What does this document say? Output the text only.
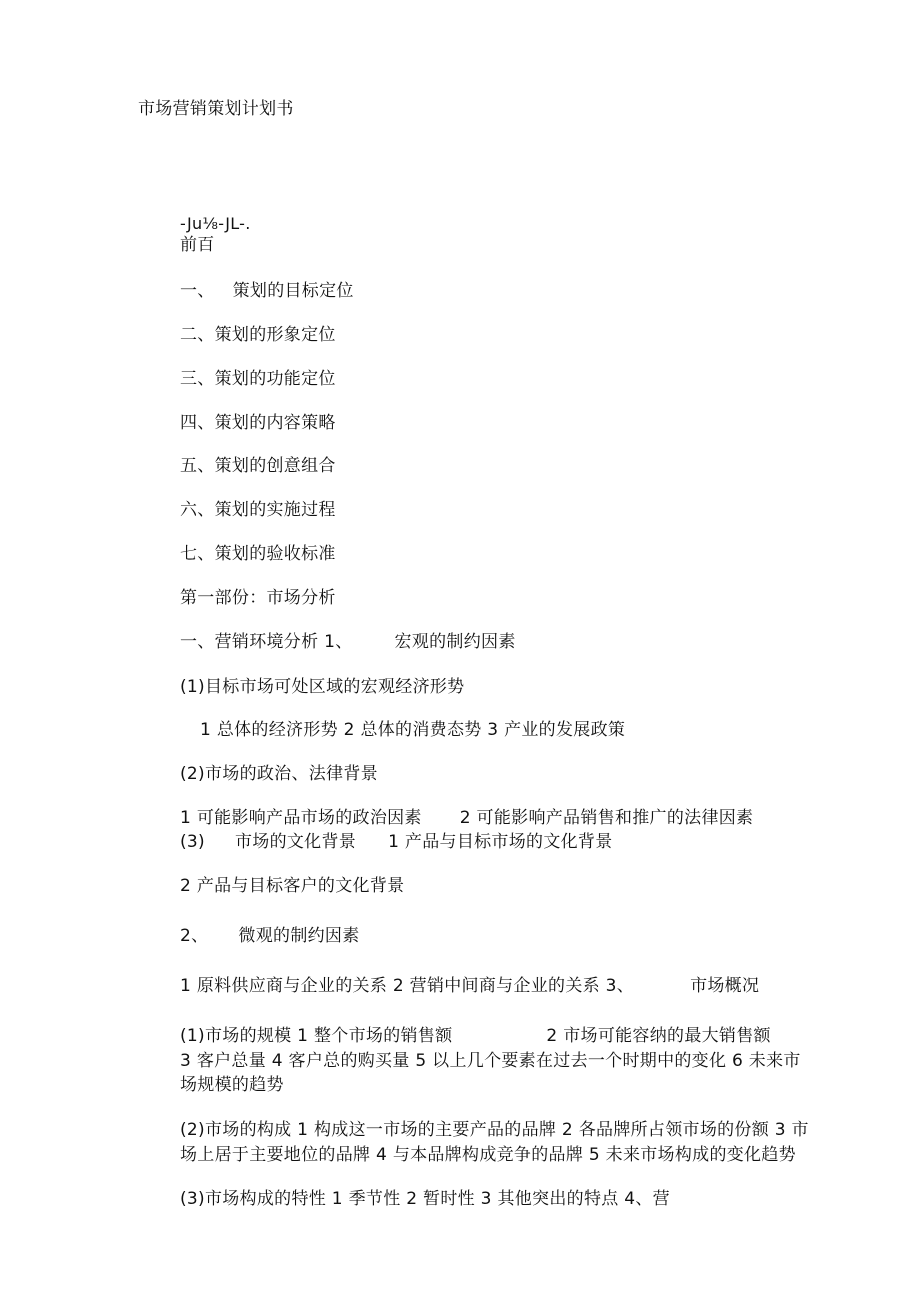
市场营销策划计划书
-Ju⅛-JL-.
前百
一、 策划的目标定位
二、策划的形象定位
三、策划的功能定位
四、策划的内容策略
五、策划的创意组合
六、策划的实施过程
七、策划的验收标准
第一部份：市场分析
一、营销环境分析 1、 宏观的制约因素
(1)目标市场可处区域的宏观经济形势
1 总体的经济形势 2 总体的消费态势 3 产业的发展政策
(2)市场的政治、法律背景
1 可能影响产品市场的政治因素 2 可能影响产品销售和推广的法律因素
(3) 市场的文化背景 1 产品与目标市场的文化背景
2 产品与目标客户的文化背景
2、 微观的制约因素
1 原料供应商与企业的关系 2 营销中间商与企业的关系 3、	市场概况
(1)市场的规模 1 整个市场的销售额	2 市场可能容纳的最大销售额
3 客户总量 4 客户总的购买量 5 以上几个要素在过去一个时期中的变化 6 未来市
场规模的趋势
(2)市场的构成 1 构成这一市场的主要产品的品牌 2 各品牌所占领市场的份额 3 市
场上居于主要地位的品牌 4 与本品牌构成竞争的品牌 5 未来市场构成的变化趋势
(3)市场构成的特性 1 季节性 2 暂时性 3 其他突出的特点 4、营
